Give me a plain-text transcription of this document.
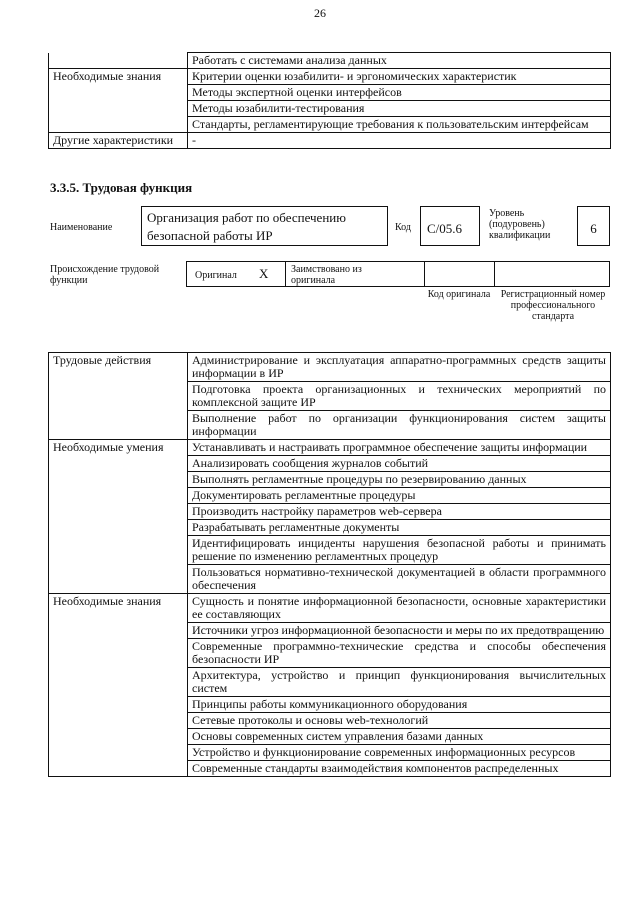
26
	Работать с системами анализа данных
Необходимые знания	Критерии оценки юзабилити- и эргономических характеристик
	Методы экспертной оценки интерфейсов
	Методы юзабилити-тестирования
	Стандарты, регламентирующие требования к пользовательским интерфейсам
Другие характеристики	-
3.3.5. Трудовая функция
Наименование
Организация работ по обеспечению безопасной работы ИР
Код	С/05.6
Уровень (подуровень) квалификации	6
Происхождение трудовой функции	Оригинал X Заимствовано из оригинала
Код оригинала	Регистрационный номер профессионального стандарта
Трудовые действия	Администрирование и эксплуатация аппаратно-программных средств защиты информации в ИР
	Подготовка проекта организационных и технических мероприятий по комплексной защите ИР
	Выполнение работ по организации функционирования систем защиты информации
Необходимые умения	Устанавливать и настраивать программное обеспечение защиты информации
	Анализировать сообщения журналов событий
	Выполнять регламентные процедуры по резервированию данных
	Документировать регламентные процедуры
	Производить настройку параметров web-сервера
	Разрабатывать регламентные документы
	Идентифицировать инциденты нарушения безопасной работы и принимать решение по изменению регламентных процедур
	Пользоваться нормативно-технической документацией в области программного обеспечения
Необходимые знания	Сущность и понятие информационной безопасности, основные характеристики ее составляющих
	Источники угроз информационной безопасности и меры по их предотвращению
	Современные программно-технические средства и способы обеспечения безопасности ИР
	Архитектура, устройство и принцип функционирования вычислительных систем
	Принципы работы коммуникационного оборудования
	Сетевые протоколы и основы web-технологий
	Основы современных систем управления базами данных
	Устройство и функционирование современных информационных ресурсов
	Современные стандарты взаимодействия компонентов распределенных
